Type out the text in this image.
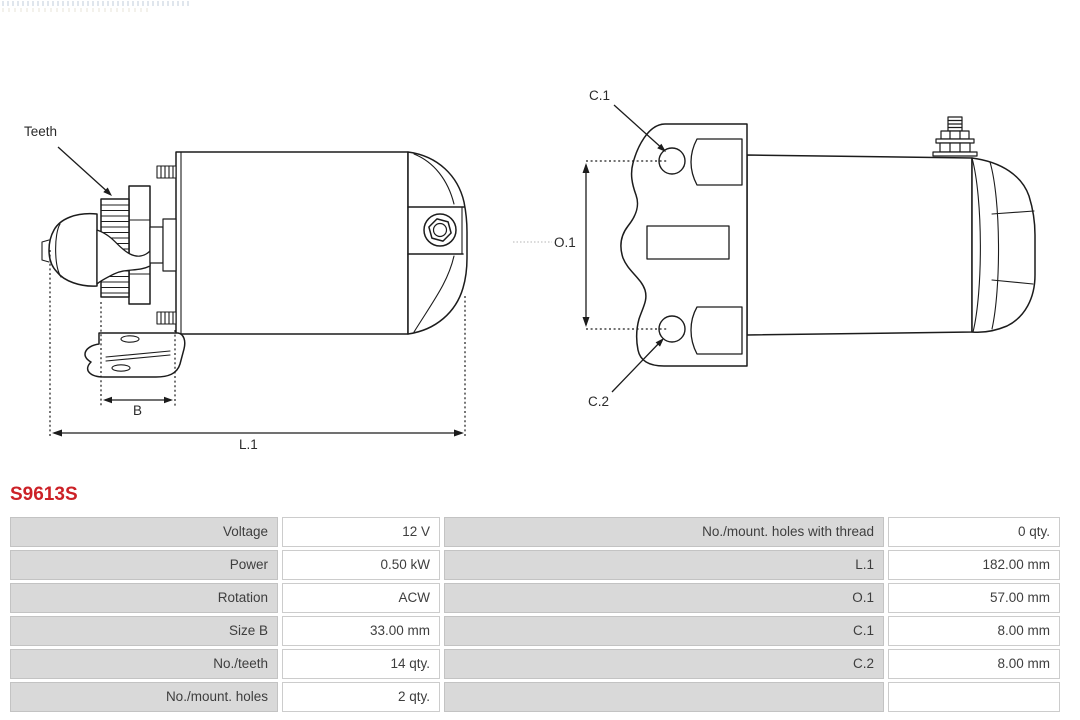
Teeth
B
L.1
C.1
O.1
C.2
S9613S
Voltage	12 V	No./mount. holes with thread	0 qty.
Power	0.50 kW	L.1	182.00 mm
Rotation	ACW	O.1	57.00 mm
Size B	33.00 mm	C.1	8.00 mm
No./teeth	14 qty.	C.2	8.00 mm
No./mount. holes	2 qty.
